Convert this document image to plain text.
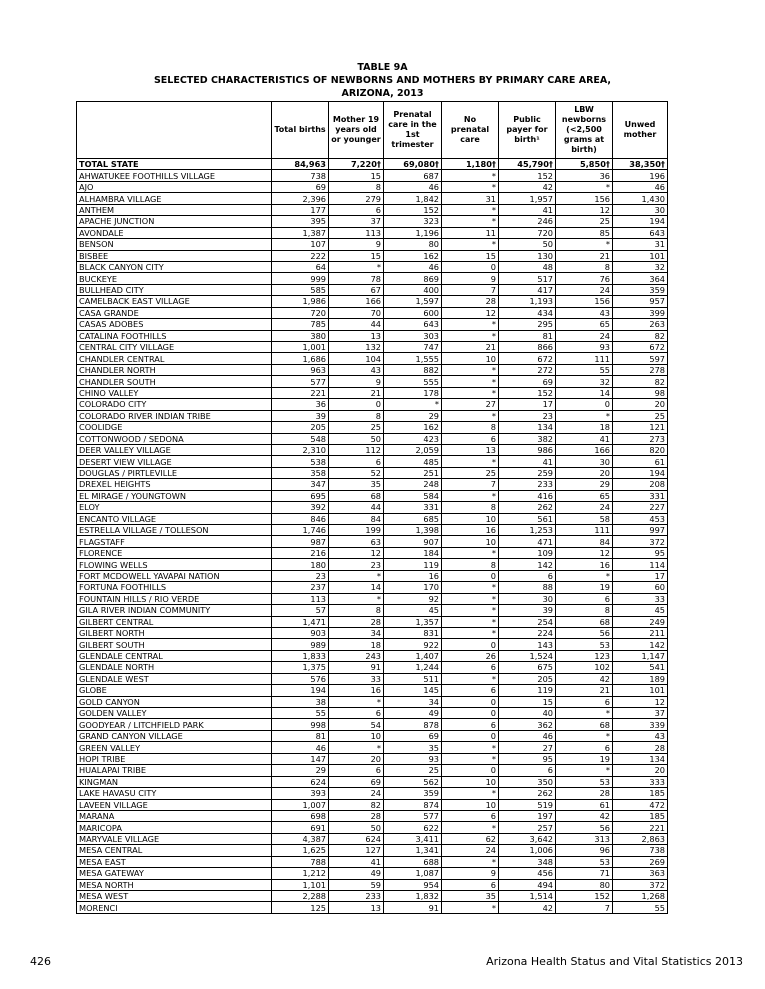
TABLE 9A
SELECTED CHARACTERISTICS OF NEWBORNS AND MOTHERS BY PRIMARY CARE AREA,
ARIZONA, 2013
	Total births	Mother 19 years old or younger	Prenatal care in the 1st trimester	No prenatal care	Public payer for birth¹	LBW newborns (<2,500 grams at birth)	Unwed mother
TOTAL STATE	84,963	7,220†	69,080†	1,180†	45,790†	5,850†	38,350†
AHWATUKEE FOOTHILLS VILLAGE	738	15	687	*	152	36	196
AJO	69	8	46	*	42	*	46
ALHAMBRA VILLAGE	2,396	279	1,842	31	1,957	156	1,430
ANTHEM	177	6	152	*	41	12	30
APACHE JUNCTION	395	37	323	*	246	25	194
AVONDALE	1,387	113	1,196	11	720	85	643
BENSON	107	9	80	*	50	*	31
BISBEE	222	15	162	15	130	21	101
BLACK CANYON CITY	64	*	46	0	48	8	32
BUCKEYE	999	78	869	9	517	76	364
BULLHEAD CITY	585	67	400	7	417	24	359
CAMELBACK EAST VILLAGE	1,986	166	1,597	28	1,193	156	957
CASA GRANDE	720	70	600	12	434	43	399
CASAS ADOBES	785	44	643	*	295	65	263
CATALINA FOOTHILLS	380	13	303	*	81	24	82
CENTRAL CITY VILLAGE	1,001	132	747	21	866	93	672
CHANDLER CENTRAL	1,686	104	1,555	10	672	111	597
CHANDLER NORTH	963	43	882	*	272	55	278
CHANDLER SOUTH	577	9	555	*	69	32	82
CHINO VALLEY	221	21	178	*	152	14	98
COLORADO CITY	36	0	*	27	17	0	20
COLORADO RIVER INDIAN TRIBE	39	8	29	*	23	*	25
COOLIDGE	205	25	162	8	134	18	121
COTTONWOOD / SEDONA	548	50	423	6	382	41	273
DEER VALLEY VILLAGE	2,310	112	2,059	13	986	166	820
DESERT VIEW VILLAGE	538	6	485	*	41	30	61
DOUGLAS / PIRTLEVILLE	358	52	251	25	259	20	194
DREXEL HEIGHTS	347	35	248	7	233	29	208
EL MIRAGE / YOUNGTOWN	695	68	584	*	416	65	331
ELOY	392	44	331	8	262	24	227
ENCANTO VILLAGE	846	84	685	10	561	58	453
ESTRELLA VILLAGE / TOLLESON	1,746	199	1,398	16	1,253	111	997
FLAGSTAFF	987	63	907	10	471	84	372
FLORENCE	216	12	184	*	109	12	95
FLOWING WELLS	180	23	119	8	142	16	114
FORT MCDOWELL YAVAPAI NATION	23	*	16	0	6	*	17
FORTUNA FOOTHILLS	237	14	170	*	88	19	60
FOUNTAIN HILLS / RIO VERDE	113	*	92	*	30	6	33
GILA RIVER INDIAN COMMUNITY	57	8	45	*	39	8	45
GILBERT CENTRAL	1,471	28	1,357	*	254	68	249
GILBERT NORTH	903	34	831	*	224	56	211
GILBERT SOUTH	989	18	922	0	143	53	142
GLENDALE CENTRAL	1,833	243	1,407	26	1,524	123	1,147
GLENDALE NORTH	1,375	91	1,244	6	675	102	541
GLENDALE WEST	576	33	511	*	205	42	189
GLOBE	194	16	145	6	119	21	101
GOLD CANYON	38	*	34	0	15	6	12
GOLDEN VALLEY	55	6	49	0	40	*	37
GOODYEAR / LITCHFIELD PARK	998	54	878	6	362	68	339
GRAND CANYON VILLAGE	81	10	69	0	46	*	43
GREEN VALLEY	46	*	35	*	27	6	28
HOPI TRIBE	147	20	93	*	95	19	134
HUALAPAI TRIBE	29	6	25	0	6	*	20
KINGMAN	624	69	562	10	350	53	333
LAKE HAVASU CITY	393	24	359	*	262	28	185
LAVEEN VILLAGE	1,007	82	874	10	519	61	472
MARANA	698	28	577	6	197	42	185
MARICOPA	691	50	622	*	257	56	221
MARYVALE VILLAGE	4,387	624	3,411	62	3,642	313	2,863
MESA CENTRAL	1,625	127	1,341	24	1,006	96	738
MESA EAST	788	41	688	*	348	53	269
MESA GATEWAY	1,212	49	1,087	9	456	71	363
MESA NORTH	1,101	59	954	6	494	80	372
MESA WEST	2,288	233	1,832	35	1,514	152	1,268
MORENCI	125	13	91	*	42	7	55
426	Arizona Health Status and Vital Statistics 2013
